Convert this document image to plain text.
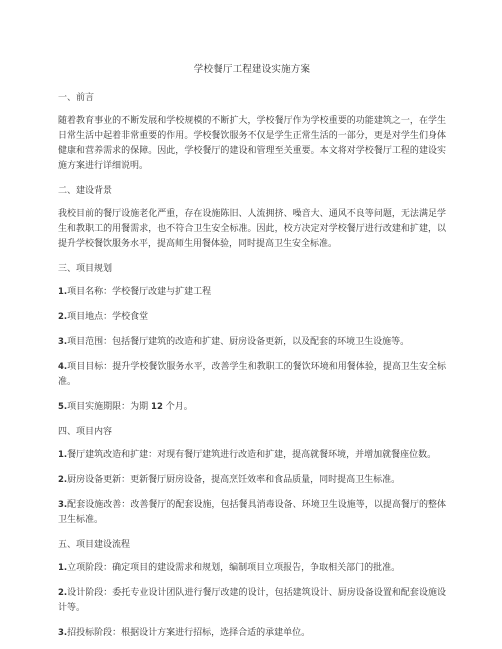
学校餐厅工程建设实施方案
一、前言

随着教育事业的不断发展和学校规模的不断扩大，学校餐厅作为学校重要的功能建筑之一，在学生日常生活中起着非常重要的作用。学校餐饮服务不仅是学生正常生活的一部分，更是对学生们身体健康和营养需求的保障。因此，学校餐厅的建设和管理至关重要。本文将对学校餐厅工程的建设实施方案进行详细说明。

二、建设背景

我校目前的餐厅设施老化严重，存在设施陈旧、人流拥挤、噪音大、通风不良等问题，无法满足学生和教职工的用餐需求，也不符合卫生安全标准。因此，校方决定对学校餐厅进行改建和扩建，以提升学校餐饮服务水平，提高师生用餐体验，同时提高卫生安全标准。

三、项目规划

1.项目名称：学校餐厅改建与扩建工程

2.项目地点：学校食堂

3.项目范围：包括餐厅建筑的改造和扩建、厨房设备更新，以及配套的环境卫生设施等。

4.项目目标：提升学校餐饮服务水平，改善学生和教职工的餐饮环境和用餐体验，提高卫生安全标准。

5.项目实施期限：为期 12 个月。

四、项目内容

1.餐厅建筑改造和扩建：对现有餐厅建筑进行改造和扩建，提高就餐环境，并增加就餐座位数。

2.厨房设备更新：更新餐厅厨房设备，提高烹饪效率和食品质量，同时提高卫生标准。

3.配套设施改善：改善餐厅的配套设施，包括餐具消毒设备、环境卫生设施等，以提高餐厅的整体卫生标准。

五、项目建设流程

1.立项阶段：确定项目的建设需求和规划，编制项目立项报告，争取相关部门的批准。

2.设计阶段：委托专业设计团队进行餐厅改建的设计，包括建筑设计、厨房设备设置和配套设施设计等。

3.招投标阶段：根据设计方案进行招标，选择合适的承建单位。
